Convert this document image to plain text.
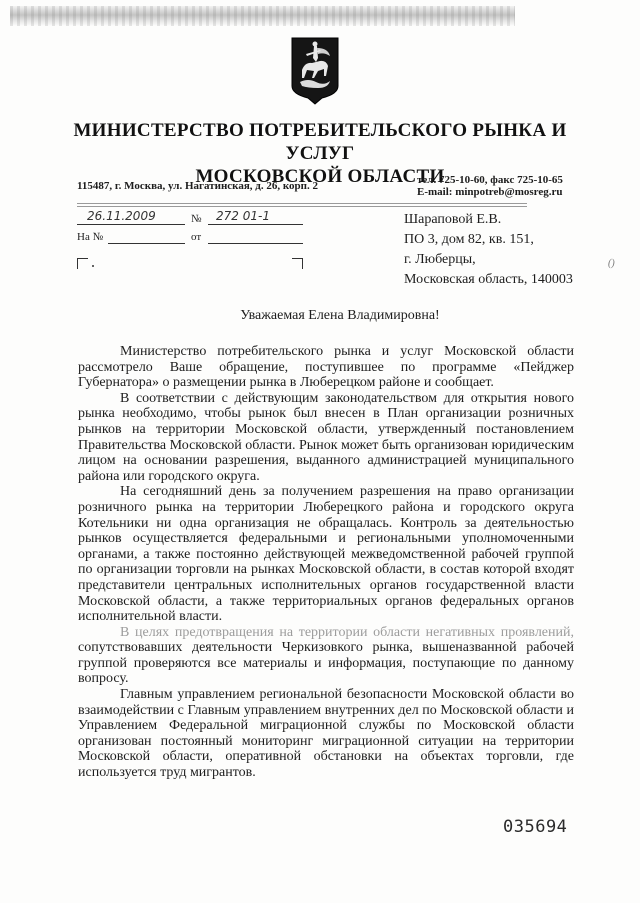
МИНИСТЕРСТВО ПОТРЕБИТЕЛЬСКОГО РЫНКА И УСЛУГ
МОСКОВСКОЙ ОБЛАСТИ
115487, г. Москва, ул. Нагатинская, д. 26, корп. 2	тел. 725-10-60, факс 725-10-65
E-mail: minpotreb@mosreg.ru
26.11.2009	№ 272 01-1
На №	от
Шараповой Е.В.
ПО 3, дом 82, кв. 151,
г. Люберцы,
Московская область, 140003
()
Уважаемая Елена Владимировна!

Министерство потребительского рынка и услуг Московской области рассмотрело Ваше обращение, поступившее по программе «Пейджер Губернатора» о размещении рынка в Люберецком районе и сообщает.

В соответствии с действующим законодательством для открытия нового рынка необходимо, чтобы рынок был внесен в План организации розничных рынков на территории Московской области, утвержденный постановлением Правительства Московской области. Рынок может быть организован юридическим лицом на основании разрешения, выданного администрацией муниципального района или городского округа.

На сегодняшний день за получением разрешения на право организации розничного рынка на территории Люберецкого района и городского округа Котельники ни одна организация не обращалась. Контроль за деятельностью рынков осуществляется федеральными и региональными уполномоченными органами, а также постоянно действующей межведомственной рабочей группой по организации торговли на рынках Московской области, в состав которой входят представители центральных исполнительных органов государственной власти Московской области, а также территориальных органов федеральных органов исполнительной власти.

В целях предотвращения на территории области негативных проявлений, сопутствовавших деятельности Черкизовкого рынка, вышеназванной рабочей группой проверяются все материалы и информация, поступающие по данному вопросу.

Главным управлением региональной безопасности Московской области во взаимодействии с Главным управлением внутренних дел по Московской области и Управлением Федеральной миграционной службы по Московской области организован постоянный мониторинг миграционной ситуации на территории Московской области, оперативной обстановки на объектах торговли, где используется труд мигрантов.

035694
